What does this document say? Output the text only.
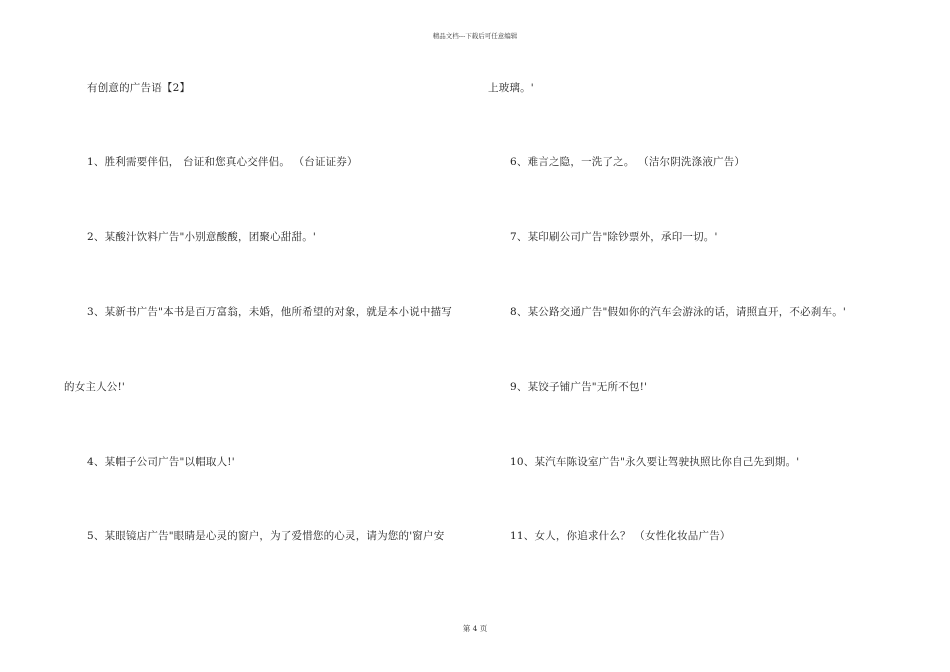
精品文档---下载后可任意编辑
有创意的广告语【2】
1、胜利需要伴侣， 台证和您真心交伴侣。 （台证证券）
2、某酸汁饮料广告"小别意酸酸，团聚心甜甜。'
3、某新书广告"本书是百万富翁，未婚，他所希望的对象，就是本小说中描写
的女主人公!'
4、某帽子公司广告"以帽取人!'
5、某眼镜店广告"眼睛是心灵的窗户，为了爱惜您的心灵，请为您的'窗户安
上玻璃。'
6、难言之隐，一洗了之。 （洁尔阴洗涤液广告）
7、某印刷公司广告"除钞票外，承印一切。'
8、某公路交通广告"假如你的汽车会游泳的话，请照直开，不必刹车。'
9、某饺子铺广告"无所不包!'
10、某汽车陈设室广告"永久要让驾驶执照比你自己先到期。'
11、女人，你追求什么？ （女性化妆品广告）
第 4 页
